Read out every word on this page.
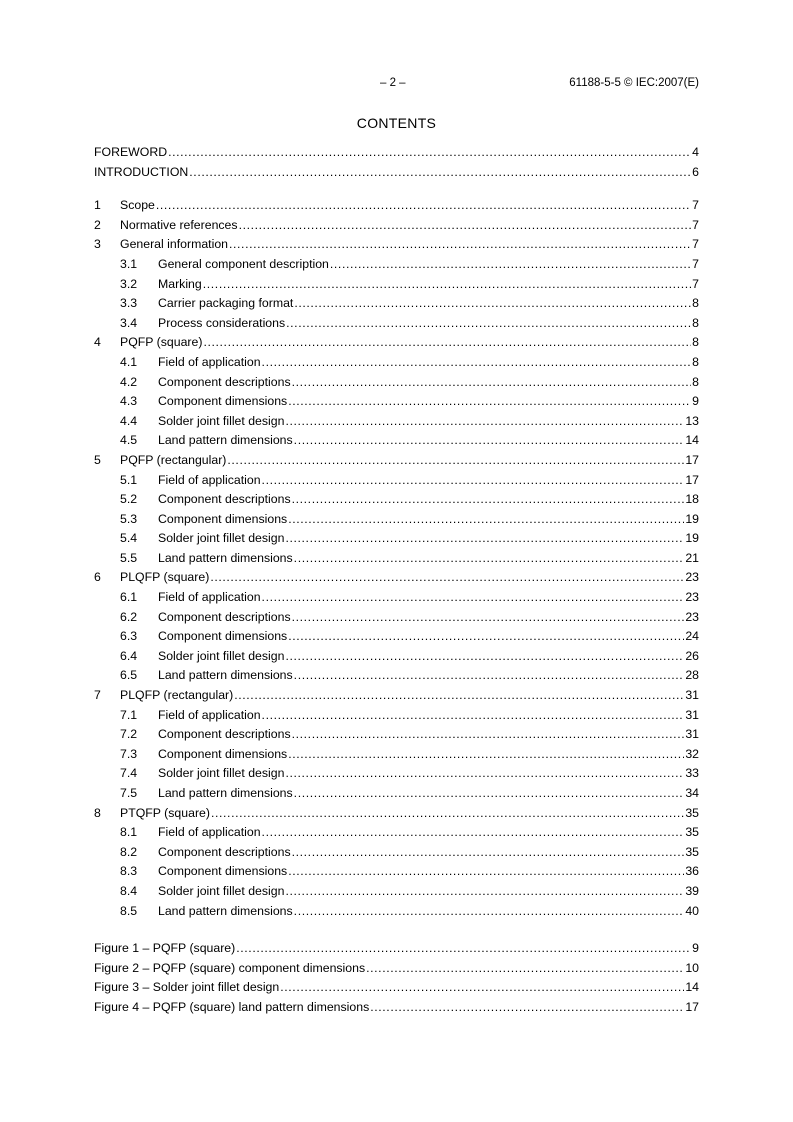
– 2 –	61188-5-5 © IEC:2007(E)
CONTENTS
FOREWORD .....	4
INTRODUCTION .....	6
1	Scope .....	7
2	Normative references .....	7
3	General information .....	7
3.1	General component description .....	7
3.2	Marking .....	7
3.3	Carrier packaging format .....	8
3.4	Process considerations .....	8
4	PQFP (square) .....	8
4.1	Field of application .....	8
4.2	Component descriptions .....	8
4.3	Component dimensions .....	9
4.4	Solder joint fillet design .....	13
4.5	Land pattern dimensions .....	14
5	PQFP (rectangular) .....	17
5.1	Field of application .....	17
5.2	Component descriptions .....	18
5.3	Component dimensions .....	19
5.4	Solder joint fillet design .....	19
5.5	Land pattern dimensions .....	21
6	PLQFP (square) .....	23
6.1	Field of application .....	23
6.2	Component descriptions .....	23
6.3	Component dimensions .....	24
6.4	Solder joint fillet design .....	26
6.5	Land pattern dimensions .....	28
7	PLQFP (rectangular) .....	31
7.1	Field of application .....	31
7.2	Component descriptions .....	31
7.3	Component dimensions .....	32
7.4	Solder joint fillet design .....	33
7.5	Land pattern dimensions .....	34
8	PTQFP (square) .....	35
8.1	Field of application .....	35
8.2	Component descriptions .....	35
8.3	Component dimensions .....	36
8.4	Solder joint fillet design .....	39
8.5	Land pattern dimensions .....	40
Figure 1 – PQFP (square) .....	9
Figure 2 – PQFP (square) component dimensions .....	10
Figure 3 – Solder joint fillet design .....	14
Figure 4 – PQFP (square) land pattern dimensions .....	17
